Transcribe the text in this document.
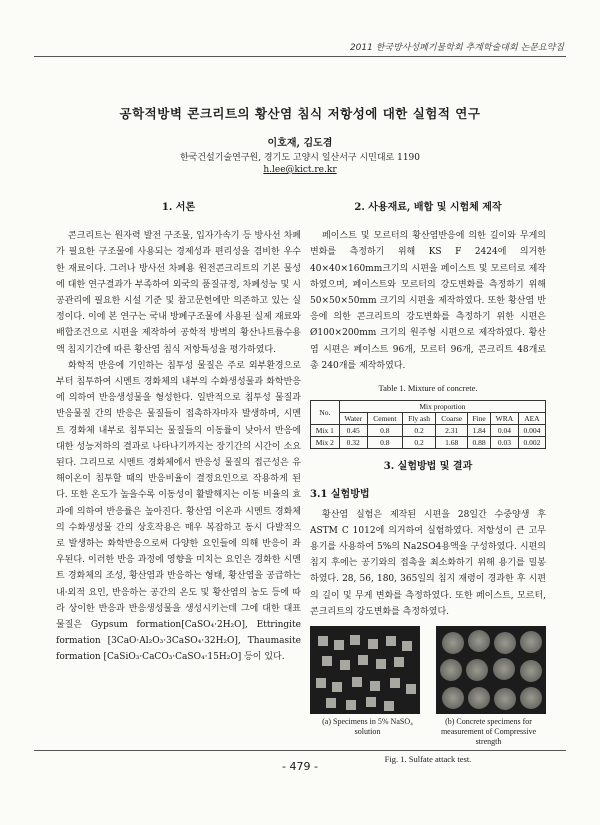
2011 한국방사성폐기물학회 추계학술대회 논문요약집
공학적방벽 콘크리트의 황산염 침식 저항성에 대한 실험적 연구
이호재, 김도겸
한국건설기술연구원, 경기도 고양시 일산서구 시민대로 1190
h.lee@kict.re.kr
1. 서론

콘크리트는 원자력 발전 구조물, 입자가속기 등 방사선 차폐가 필요한 구조물에 사용되는 경제성과 편리성을 겸비한 우수한 재료이다. 그러나 방사선 차폐용 원전콘크리트의 기본 물성에 대한 연구결과가 부족하여 외국의 품질규정, 차폐성능 및 시공관리에 필요한 시설 기준 및 참고문헌에만 의존하고 있는 실정이다. 이에 본 연구는 국내 방폐구조물에 사용된 실제 재료와 배합조건으로 시편을 제작하여 공학적 방벽의 황산나트륨수용액 침지기간에 따른 황산염 침식 저항특성을 평가하였다.

화학적 반응에 기인하는 침투성 물질은 주로 외부환경으로부터 침투하여 시멘트 경화체의 내부의 수화생성물과 화학반응에 의하여 반응생성물을 형성한다. 일반적으로 침투성 물질과 반응물질 간의 반응은 물질들이 접촉하자마자 발생하며, 시멘트 경화체 내부로 침투되는 물질들의 이동률이 낮아서 반응에 대한 성능저하의 결과로 나타나기까지는 장기간의 시간이 소요된다. 그리므로 시멘트 경화체에서 반응성 물질의 접근성은 유해이온이 침투할 때의 반응비율이 결정요인으로 작용하게 된다. 또한 온도가 높을수록 이동성이 활발해지는 이동 비율의 효과에 의하여 반응률은 높아진다. 황산염 이온과 시멘트 경화체의 수화생성물 간의 상호작용은 매우 복잡하고 동시 다발적으로 발생하는 화학반응으로써 다양한 요인들에 의해 반응이 좌우된다. 이러한 반응 과정에 영향을 미치는 요인은 경화한 시멘트 경화체의 조성, 황산염과 반응하는 형태, 황산염을 공급하는 내·외적 요인, 반응하는 공간의 온도 및 황산염의 농도 등에 따라 상이한 반응과 반응생성물을 생성시키는데 그에 대한 대표 물질은 Gypsum formation[CaSO₄·2H₂O], Ettringite formation [3CaO·Al₂O₃·3CaSO₄·32H₂O], Thaumasite formation [CaSiO₃·CaCO₃·CaSO₄·15H₂O] 등이 있다.

2. 사용재료, 배합 및 시험체 제작

페이스트 및 모르터의 황산염반응에 의한 길이와 무게의 변화를 측정하기 위해 KS F 2424에 의거한 40×40×160mm크기의 시편을 페이스트 및 모르터로 제작하였으며, 페이스트와 모르터의 강도변화를 측정하기 위해 50×50×50mm 크기의 시편을 제작하였다. 또한 황산염 반응에 의한 콘크리트의 강도변화를 측정하기 위한 시편은 Ø100×200mm 크기의 원주형 시편으로 제작하였다. 황산염 시편은 페이스트 96개, 모르터 96개, 콘크리트 48개로 총 240개를 제작하였다.

Table 1. Mixture of concrete.
No.	Mix proportion						
	Water	Cement	Fly ash	Coarse	Fine	WRA	AEA
Mix 1	0.45	0.8	0.2	2.31	1.84	0.04	0.004
Mix 2	0.32	0.8	0.2	1.68	0.88	0.03	0.002
3. 실험방법 및 결과
3.1 실험방법

황산염 실험은 제작된 시편을 28일간 수중양생 후 ASTM C 1012에 의거하여 실험하였다. 저항성이 큰 고무 용기를 사용하여 5%의 Na2SO4용액을 구성하였다. 시편의 침지 후에는 공기와의 접촉을 최소화하기 위해 용기를 밀봉하였다. 28, 56, 180, 365일의 침지 재령이 경과한 후 시편의 길이 및 무게 변화를 측정하였다. 또한 페이스트, 모르터, 콘크리트의 강도변화를 측정하였다.

(a) Specimens in 5% NaSO₄ solution
(b) Concrete specimens for measurement of Compressive strength
Fig. 1. Sulfate attack test.
- 479 -
